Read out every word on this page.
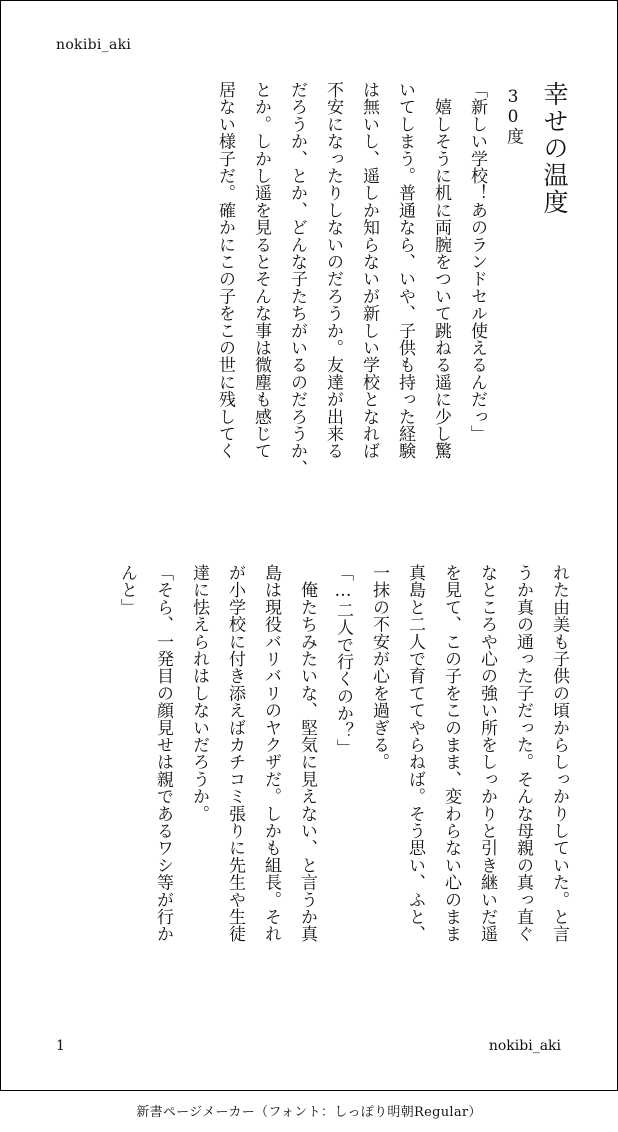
nokibi_aki
幸せの温度
30度
「新しい学校！あのランドセル使えるんだっ」
　嬉しそうに机に両腕をついて跳ねる遥に少し驚
いてしまう。普通なら、いや、子供も持った経験
は無いし、遥しか知らないが新しい学校となれば
不安になったりしないのだろうか。友達が出来る
だろうか、とか、どんな子たちがいるのだろうか、
とか。しかし遥を見るとそんな事は微塵も感じて
居ない様子だ。確かにこの子をこの世に残してく
れた由美も子供の頃からしっかりしていた。と言
うか真の通った子だった。そんな母親の真っ直ぐ
なところや心の強い所をしっかりと引き継いだ遥
を見て、この子をこのまま、変わらない心のまま
真島と二人で育ててやらねば。そう思い、ふと、
一抹の不安が心を過ぎる。
「…二人で行くのか？」
　俺たちみたいな、堅気に見えない、と言うか真
島は現役バリバリのヤクザだ。しかも組長。それ
が小学校に付き添えばカチコミ張りに先生や生徒
達に怯えられはしないだろうか。
「そら、一発目の顔見せは親であるワシ等が行か
んと」
1	nokibi_aki
新書ページメーカー（フォント：しっぽり明朝Regular）
